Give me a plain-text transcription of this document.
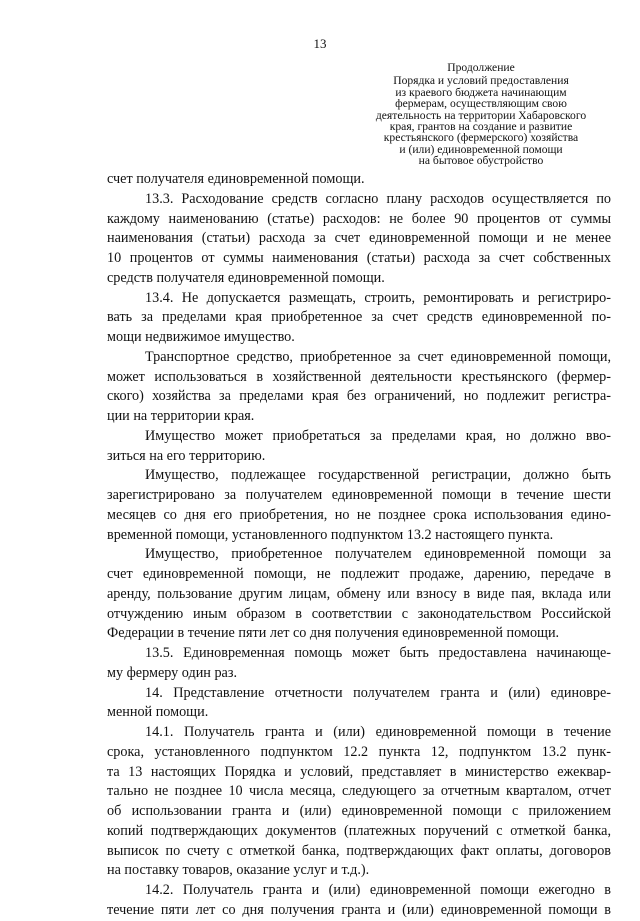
13
Продолжение
Порядка и условий предоставления
из краевого бюджета начинающим
фермерам, осуществляющим свою
деятельность на территории Хабаровского
края, грантов на создание и развитие
крестьянского (фермерского) хозяйства
и (или) единовременной помощи
на бытовое обустройство
счет получателя единовременной помощи.
13.3. Расходование средств согласно плану расходов осуществляется по
каждому наименованию (статье) расходов: не более 90 процентов от суммы
наименования (статьи) расхода за счет единовременной помощи и не менее
10 процентов от суммы наименования (статьи) расхода за счет собственных
средств получателя единовременной помощи.
13.4. Не допускается размещать, строить, ремонтировать и регистриро-
вать за пределами края приобретенное за счет средств единовременной по-
мощи недвижимое имущество.
Транспортное средство, приобретенное за счет единовременной помощи,
может использоваться в хозяйственной деятельности крестьянского (фермер-
ского) хозяйства за пределами края без ограничений, но подлежит регистра-
ции на территории края.
Имущество может приобретаться за пределами края, но должно вво-
зиться на его территорию.
Имущество, подлежащее государственной регистрации, должно быть
зарегистрировано за получателем единовременной помощи в течение шести
месяцев со дня его приобретения, но не позднее срока использования едино-
временной помощи, установленного подпунктом 13.2 настоящего пункта.
Имущество, приобретенное получателем единовременной помощи за
счет единовременной помощи, не подлежит продаже, дарению, передаче в
аренду, пользование другим лицам, обмену или взносу в виде пая, вклада или
отчуждению иным образом в соответствии с законодательством Российской
Федерации в течение пяти лет со дня получения единовременной помощи.
13.5. Единовременная помощь может быть предоставлена начинающе-
му фермеру один раз.
14. Представление отчетности получателем гранта и (или) единовре-
менной помощи.
14.1. Получатель гранта и (или) единовременной помощи в течение
срока, установленного подпунктом 12.2 пункта 12, подпунктом 13.2 пунк-
та 13 настоящих Порядка и условий, представляет в министерство ежеквар-
тально не позднее 10 числа месяца, следующего за отчетным кварталом, отчет
об использовании гранта и (или) единовременной помощи с приложением
копий подтверждающих документов (платежных поручений с отметкой банка,
выписок по счету с отметкой банка, подтверждающих факт оплаты, договоров
на поставку товаров, оказание услуг и т.д.).
14.2. Получатель гранта и (или) единовременной помощи ежегодно в
течение пяти лет со дня получения гранта и (или) единовременной помощи в
